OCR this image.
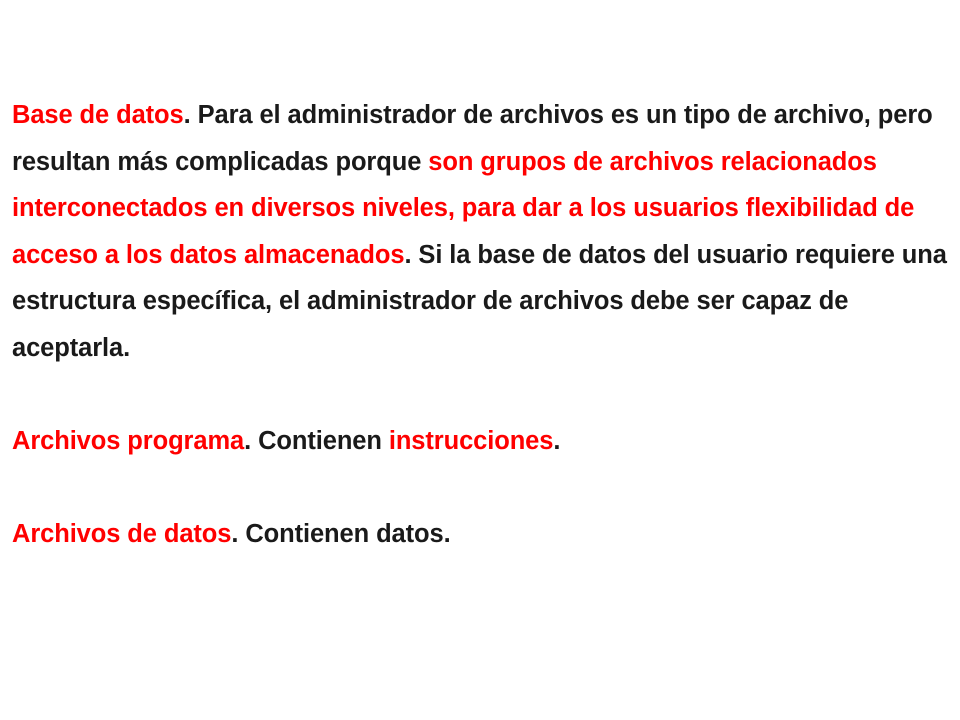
Base de datos. Para el administrador de archivos es un tipo de archivo, pero resultan más complicadas porque son grupos de archivos relacionados interconectados en diversos niveles, para dar a los usuarios flexibilidad de acceso a los datos almacenados. Si la base de datos del usuario requiere una estructura específica, el administrador de archivos debe ser capaz de aceptarla.

Archivos programa. Contienen instrucciones.

Archivos de datos. Contienen datos.
